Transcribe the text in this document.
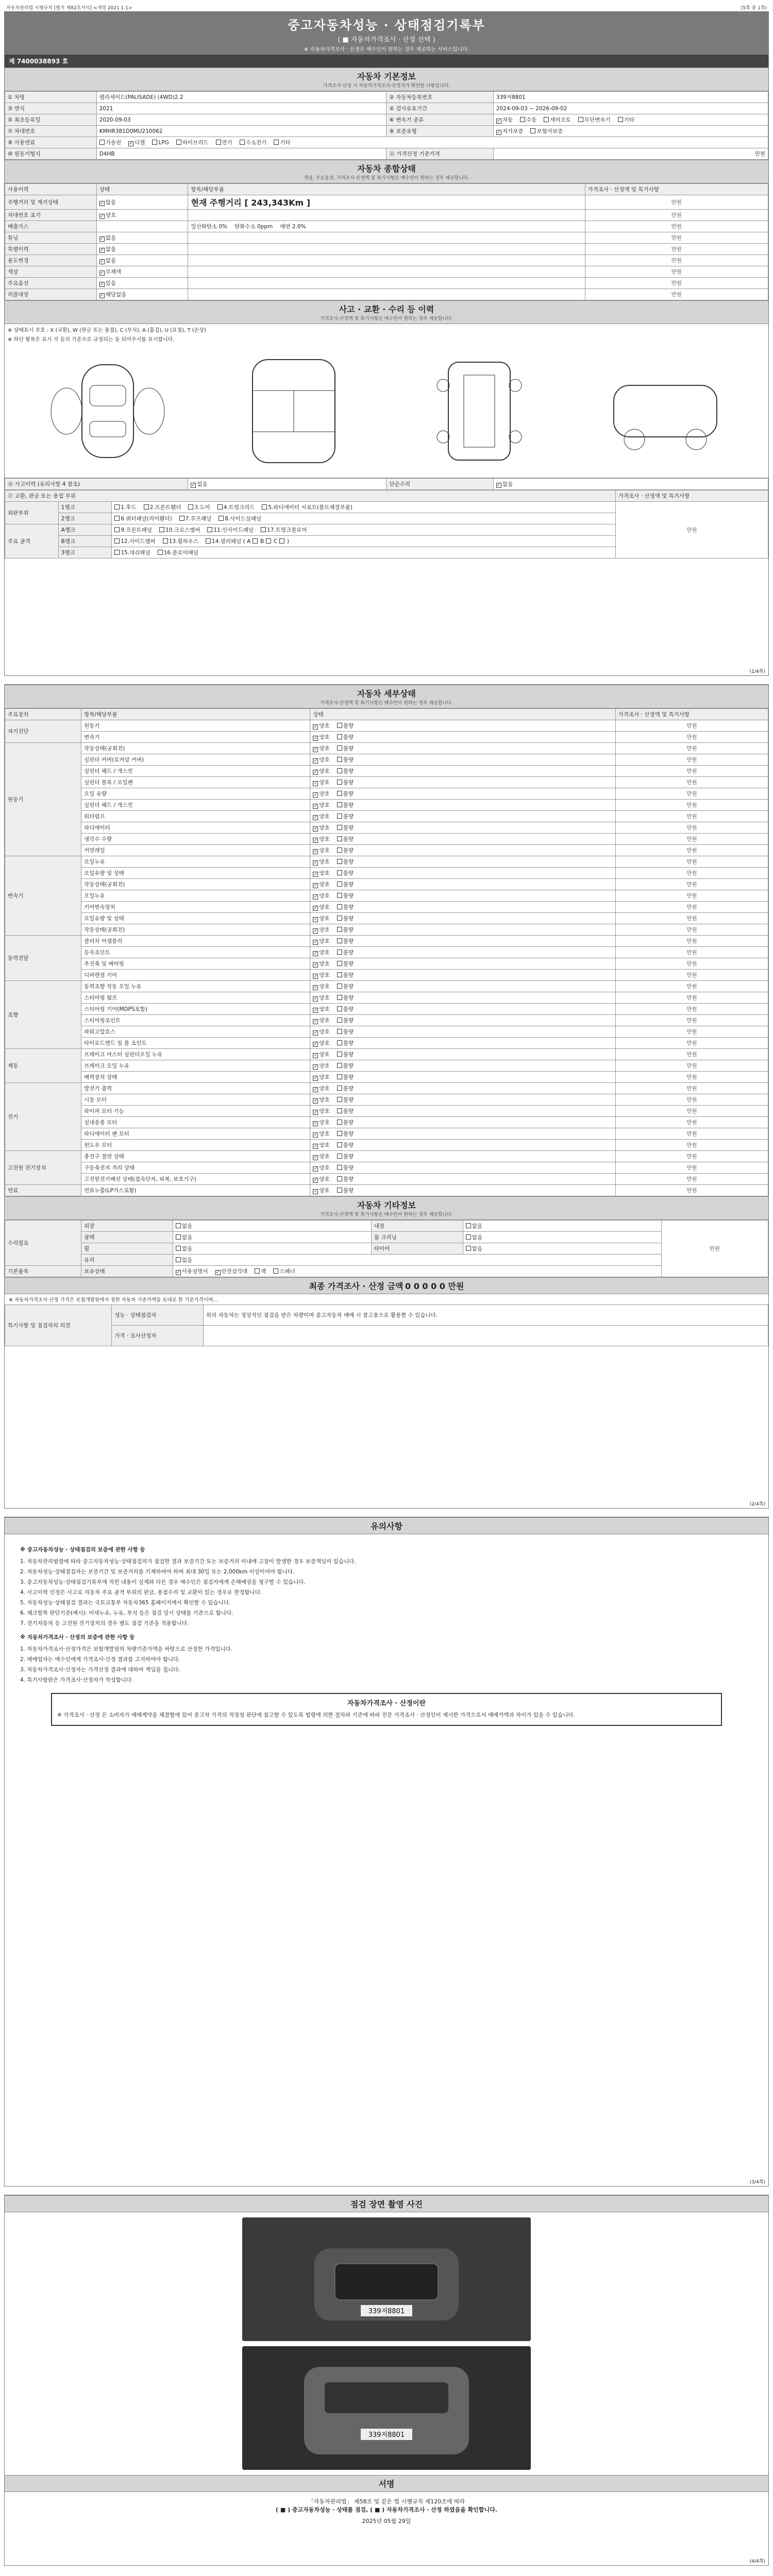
자동차관리법 시행규칙 [별지 제82호서식] <개정 2021.1.1>	(5쪽 중 1쪽)
중고자동차성능 · 상태점검기록부
( ■ 자동차가격조사 · 산정 선택 )
※ 자동차가격조사 · 산정은 매수인이 원하는 경우 제공하는 서비스입니다.
제 7400038893 호
자동차 기본정보
가격조사·산정 시 자동차가격조사·산정자가 확인한 사항입니다.
① 차명	펠리세이드(PALISADE) (4WD)2.2	② 자동차등록번호	339저8801
③ 연식	2021	④ 검사유효기간	2024-09-03 ~ 2026-09-02
⑤ 최초등록일	2020-09-03	⑥ 변속기 종류	✓자동 수동 세미오토 무단변속기 기타
⑦ 차대번호	KMHR381D0MU210062	⑧ 보증유형	✓자가보증 보험사보증
⑨ 사용연료	가솔린 ✓ 디젤 LPG 하이브리드 전기 수소전기 기타
⑩ 원동기형식	D4HB	⑪ 가격산정 기준가격	만원
자동차 종합상태
색상, 주요옵션, 가격조사·산정액 및 특기사항은 매수인이 원하는 경우 제공합니다.
사용이력	상태	항목/해당부품	가격조사 · 산정액 및 특기사항
주행거리 및 계기상태	✓많음	현재 주행거리 [ 243,343Km ]	만원
차대번호 표기	✓양호		만원
배출가스		일산화탄소 0% 탄화수소 0ppm 매연 2.0%	만원
튜닝	✓없음		만원
특별이력	✓없음		만원
용도변경	✓없음		만원
색상	✓무채색		만원
주요옵션	✓있음		만원
리콜대상	✓해당없음		만원
사고 · 교환 · 수리 등 이력
가격조사·산정액 및 특기사항은 매수인이 원하는 경우 제공합니다.
※ 상태표시 부호 : X (교환), W (판금 또는 용접), C (부식), A (흠집), U (요철), T (손상)
※ 하단 항목은 표시 각 등의 기준으로 규정되는 등 되어주시를 표시합니다.
⑯ 사고이력 (유의사항 4 참조)	✓없음	단순수리	✓없음
⑰ 교환, 판금 또는 용접 부위			가격조사 · 산정액 및 특기사항
외판부위	1랭크	1.후드 2.프론트휀더 3.도어 4.트렁크리드 5.라디에이터 서포트(볼트체결부품)	만원
	2랭크	6.쿼터패널(리어휀더) 7.루프패널 8.사이드실패널	
주요 골격	A랭크	9.프론트패널 10.크로스멤버 11.인사이드패널 17.트렁크플로어	
	B랭크	12.사이드멤버 13.휠하우스 14.필러패널 ( A B C  )	
	3랭크	15.대쉬패널 16.플로어패널	
(1/4쪽)
자동차 세부상태
가격조사·산정액 및 특기사항은 매수인이 원하는 경우 제공합니다.
주요장치	항목/해당부품	상태	가격조사 · 산정액 및 특기사항
자기진단	원동기	✓양호 불량	만원
	변속기	✓양호 불량	만원
원동기	작동상태(공회전)	✓양호 불량	만원
	실린더 커버(로커암 커버)	✓양호 불량	만원
	실린더 헤드 / 개스킷	✓양호 불량	만원
	실린더 블록 / 오일팬	✓양호 불량	만원
	오일 유량	✓양호 불량	만원
	실린더 헤드 / 개스킷	✓양호 불량	만원
	워터펌프	✓양호 불량	만원
	라디에이터	✓양호 불량	만원
	냉각수 수량	✓양호 불량	만원
	커먼레일	✓양호 불량	만원
변속기	오일누유	✓양호 불량	만원
	오일유량 및 상태	✓양호 불량	만원
	작동상태(공회전)	✓양호 불량	만원
	오일누유	✓양호 불량	만원
	기어변속장치	✓양호 불량	만원
	오일유량 및 상태	✓양호 불량	만원
	작동상태(공회전)	✓양호 불량	만원
동력전달	클러치 어셈블리	✓양호 불량	만원
	등속조인트	✓양호 불량	만원
	추진축 및 베어링	✓양호 불량	만원
	디퍼렌셜 기어	✓양호 불량	만원
조향	동력조향 작동 오일 누유	✓양호 불량	만원
	스티어링 펌프	✓양호 불량	만원
	스티어링 기어(MDPS포함)	✓양호 불량	만원
	스티어링조인트	✓양호 불량	만원
	파워고압호스	✓양호 불량	만원
	타이로드엔드 및 볼 조인트	✓양호 불량	만원
제동	브레이크 마스터 실린더오일 누유	✓양호 불량	만원
	브레이크 오일 누유	✓양호 불량	만원
	배력장치 상태	✓양호 불량	만원
전기	발전기 출력	✓양호 불량	만원
	시동 모터	✓양호 불량	만원
	와이퍼 모터 기능	✓양호 불량	만원
	실내송풍 모터	✓양호 불량	만원
	라디에이터 팬 모터	✓양호 불량	만원
	윈도우 모터	✓양호 불량	만원
고전원 전기장치	충전구 절연 상태	✓양호 불량	만원
	구동축전지 격리 상태	✓양호 불량	만원
	고전원전기배선 상태(접속단자, 피복, 보호기구)	✓양호 불량	만원
연료	연료누출(LP가스포함)	✓양호 불량	만원
자동차 기타정보
가격조사·산정액 및 특기사항은 매수인이 원하는 경우 제공합니다.
수리필요	외장	없음	내장	없음	만원
	광택	없음	룸 크리닝	없음	
	휠	없음	타이어	없음	
	유리	없음			
기본품목	보유상태	✓사용설명서 ✓ 안전삼각대 잭 스패너
최종 가격조사 · 산정 금액 0 0 0 0 0 만원
※ 자동차가격조사·산정 가격은 보험개발원에서 정한 자동차 기준가액을 토대로 한 기준가격이며...
특기사항 및 점검자의 의견	성능 · 상태점검자	위의 자동차는 정상적인 점검을 받은 차량이며 중고자동차 매매 시 참고용으로 활용할 수 있습니다.
	가격 · 조사산정자	
(2/4쪽)
유의사항
※ 중고자동차성능 · 상태점검의 보증에 관한 사항 등

1. 자동차관리법령에 따라 중고자동차성능·상태점검자가 점검한 결과 보증기간 또는 보증거리 이내에 고장이 발생한 경우 보증책임이 있습니다.

2. 자동차성능·상태점검자는 보증기간 및 보증거리를 기재하여야 하며 최대 30일 또는 2,000km 이상이어야 합니다.

3. 중고자동차성능·상태점검기록부에 적힌 내용이 실제와 다른 경우 매수인은 점검자에게 손해배상을 청구할 수 있습니다.

4. 사고이력 인정은 사고로 자동차 주요 골격 부위의 판금, 용접수리 및 교환이 있는 경우로 한정합니다.

5. 자동차성능·상태점검 결과는 국토교통부 자동차365 홈페이지에서 확인할 수 있습니다.

6. 체크항목 판단기준(예시): 미세누유, 누유, 부식 등은 점검 당시 상태를 기준으로 합니다.

7. 전기자동차 등 고전원 전기장치의 경우 별도 점검 기준을 적용합니다.

※ 자동차가격조사 · 산정의 보증에 관한 사항 등

1. 자동차가격조사·산정가격은 보험개발원의 차량기준가액을 바탕으로 산정한 가격입니다.

2. 매매업자는 매수인에게 가격조사·산정 결과를 고지하여야 합니다.

3. 자동차가격조사·산정자는 가격산정 결과에 대하여 책임을 집니다.

4. 특기사항란은 가격조사·산정자가 작성합니다.

자동차가격조사 · 산정이란
※ 가격조사 · 산정 은 소비자가 매매계약을 체결함에 있어 중고차 가격의 적정성 판단에 참고할 수 있도록 법령에 의한 절차와 기준에 따라 전문 가격조사 · 산정인이 제시한 가격으로서 매매가액과 차이가 있을 수 있습니다.
(3/4쪽)
점검 장면 촬영 사진
339저8801
339저8801
서명
「자동차관리법」 제58조 및 같은 법 시행규칙 제120조에 따라
( ■ ) 중고자동차성능 · 상태를 점검, ( ■ ) 자동차가격조사 · 산정 하였음을 확인합니다.
2025년 05월 29일
(4/4쪽)
